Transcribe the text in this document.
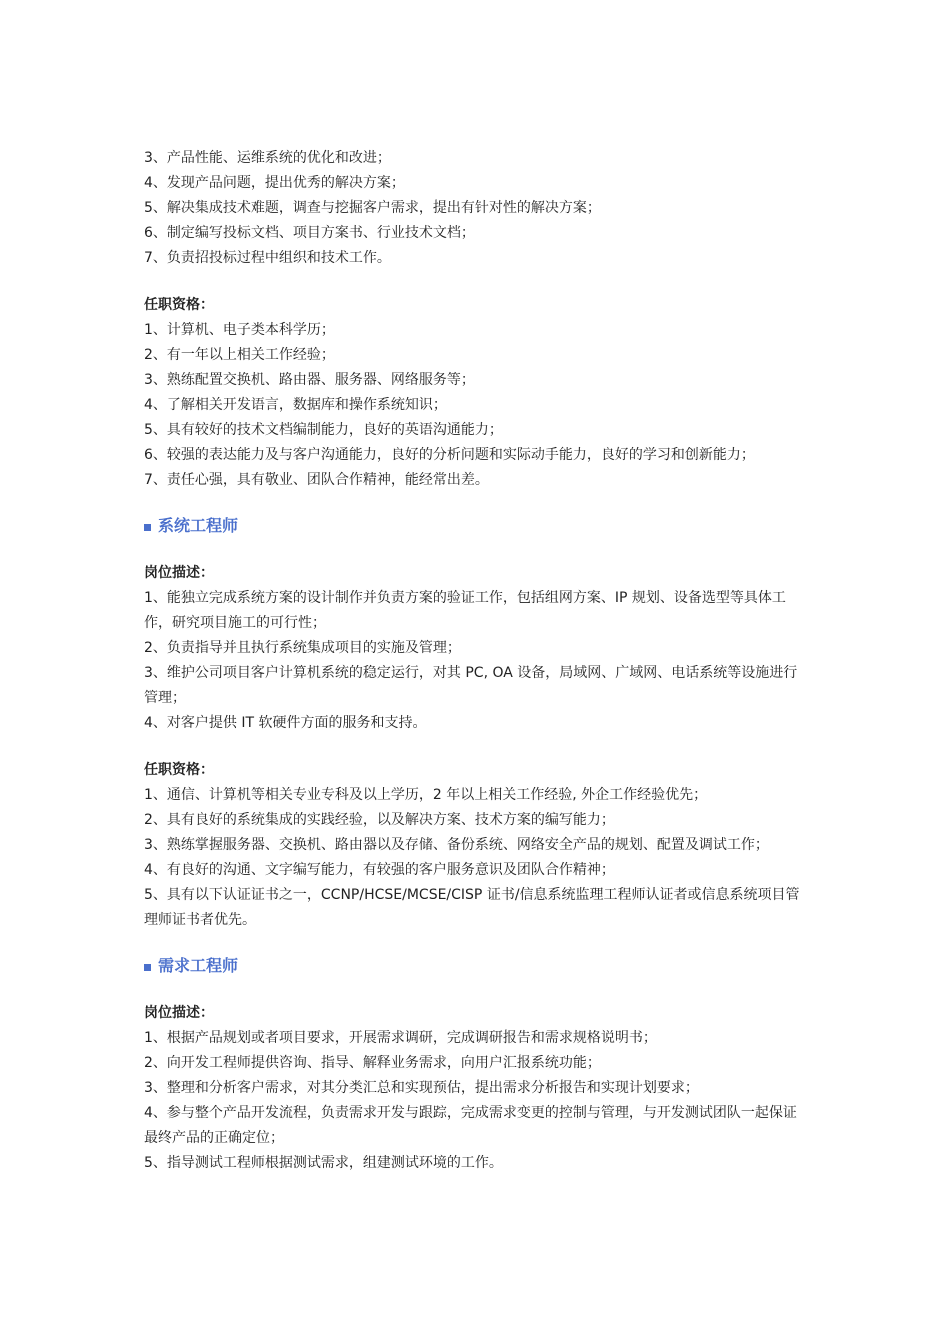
3、产品性能、运维系统的优化和改进；

4、发现产品问题，提出优秀的解决方案；

5、解决集成技术难题，调查与挖掘客户需求，提出有针对性的解决方案；

6、制定编写投标文档、项目方案书、行业技术文档；

7、负责招投标过程中组织和技术工作。

任职资格：

1、计算机、电子类本科学历；

2、有一年以上相关工作经验；

3、熟练配置交换机、路由器、服务器、网络服务等；

4、了解相关开发语言，数据库和操作系统知识；

5、具有较好的技术文档编制能力，良好的英语沟通能力；

6、较强的表达能力及与客户沟通能力，良好的分析问题和实际动手能力，良好的学习和创新能力；

7、责任心强，具有敬业、团队合作精神，能经常出差。

系统工程师

岗位描述：

1、能独立完成系统方案的设计制作并负责方案的验证工作，包括组网方案、IP 规划、设备选型等具体工作，研究项目施工的可行性；

2、负责指导并且执行系统集成项目的实施及管理；

3、维护公司项目客户计算机系统的稳定运行，对其 PC, OA 设备，局域网、广域网、电话系统等设施进行管理；

4、对客户提供 IT 软硬件方面的服务和支持。

任职资格：

1、通信、计算机等相关专业专科及以上学历，2 年以上相关工作经验, 外企工作经验优先；

2、具有良好的系统集成的实践经验，以及解决方案、技术方案的编写能力；

3、熟练掌握服务器、交换机、路由器以及存储、备份系统、网络安全产品的规划、配置及调试工作；

4、有良好的沟通、文字编写能力，有较强的客户服务意识及团队合作精神；

5、具有以下认证证书之一，CCNP/HCSE/MCSE/CISP 证书/信息系统监理工程师认证者或信息系统项目管理师证书者优先。

需求工程师

岗位描述：

1、根据产品规划或者项目要求，开展需求调研，完成调研报告和需求规格说明书；

2、向开发工程师提供咨询、指导、解释业务需求，向用户汇报系统功能；

3、整理和分析客户需求，对其分类汇总和实现预估，提出需求分析报告和实现计划要求；

4、参与整个产品开发流程，负责需求开发与跟踪，完成需求变更的控制与管理，与开发测试团队一起保证最终产品的正确定位；

5、指导测试工程师根据测试需求，组建测试环境的工作。
